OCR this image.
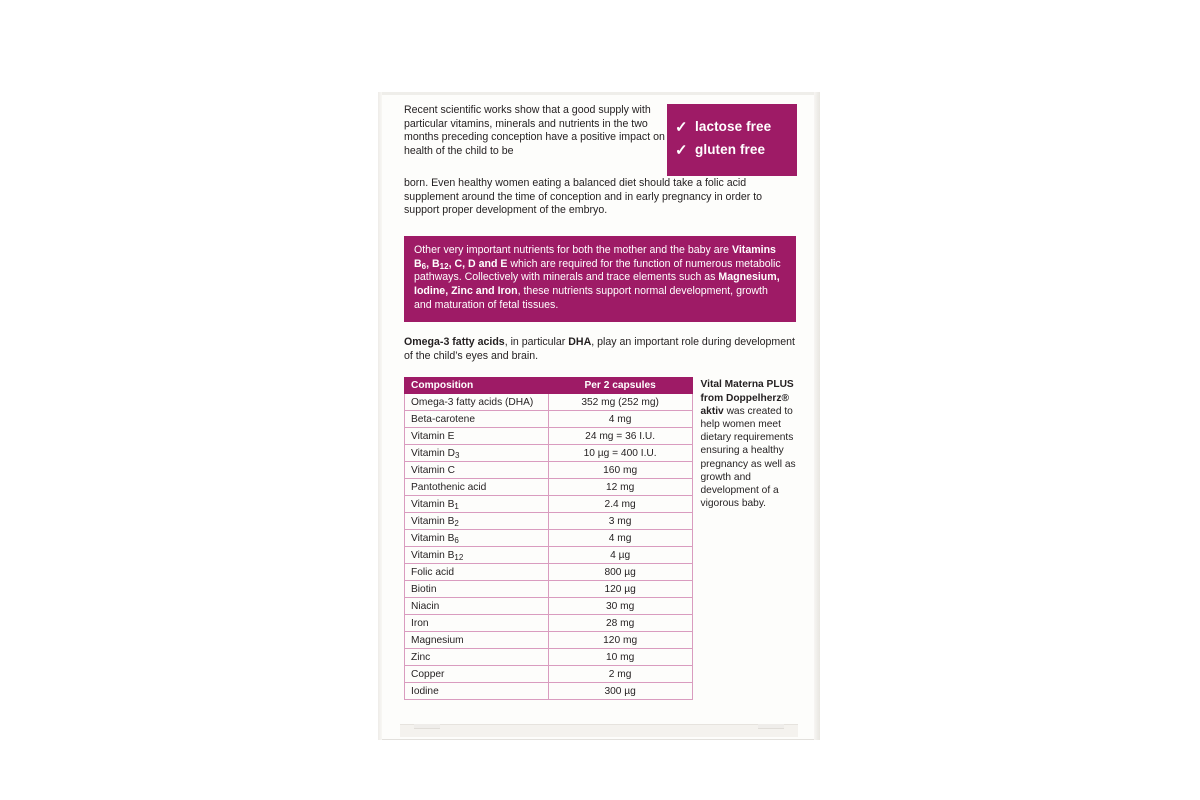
Recent scientific works show that a good supply with particular vitamins, minerals and nutrients in the two months preceding conception have a positive impact on health of the child to be
✓ lactose free
✓ gluten free
born. Even healthy women eating a balanced diet should take a folic acid supplement around the time of conception and in early pregnancy in order to support proper development of the embryo.
Other very important nutrients for both the mother and the baby are Vitamins B6, B12, C, D and E which are required for the function of numerous metabolic pathways. Collectively with minerals and trace elements such as Magnesium, Iodine, Zinc and Iron, these nutrients support normal development, growth and maturation of fetal tissues.
Omega-3 fatty acids, in particular DHA, play an important role during development of the child’s eyes and brain.
Composition	Per 2 capsules
Omega-3 fatty acids (DHA)	352 mg (252 mg)
Beta-carotene	4 mg
Vitamin E	24 mg = 36 I.U.
Vitamin D3	10 µg = 400 I.U.
Vitamin C	160 mg
Pantothenic acid	12 mg
Vitamin B1	2.4 mg
Vitamin B2	3 mg
Vitamin B6	4 mg
Vitamin B12	4 µg
Folic acid	800 µg
Biotin	120 µg
Niacin	30 mg
Iron	28 mg
Magnesium	120 mg
Zinc	10 mg
Copper	2 mg
Iodine	300 µg
Vital Materna PLUS from Doppelherz® aktiv was created to help women meet dietary requirements ensuring a healthy pregnancy as well as growth and development of a vigorous baby.
